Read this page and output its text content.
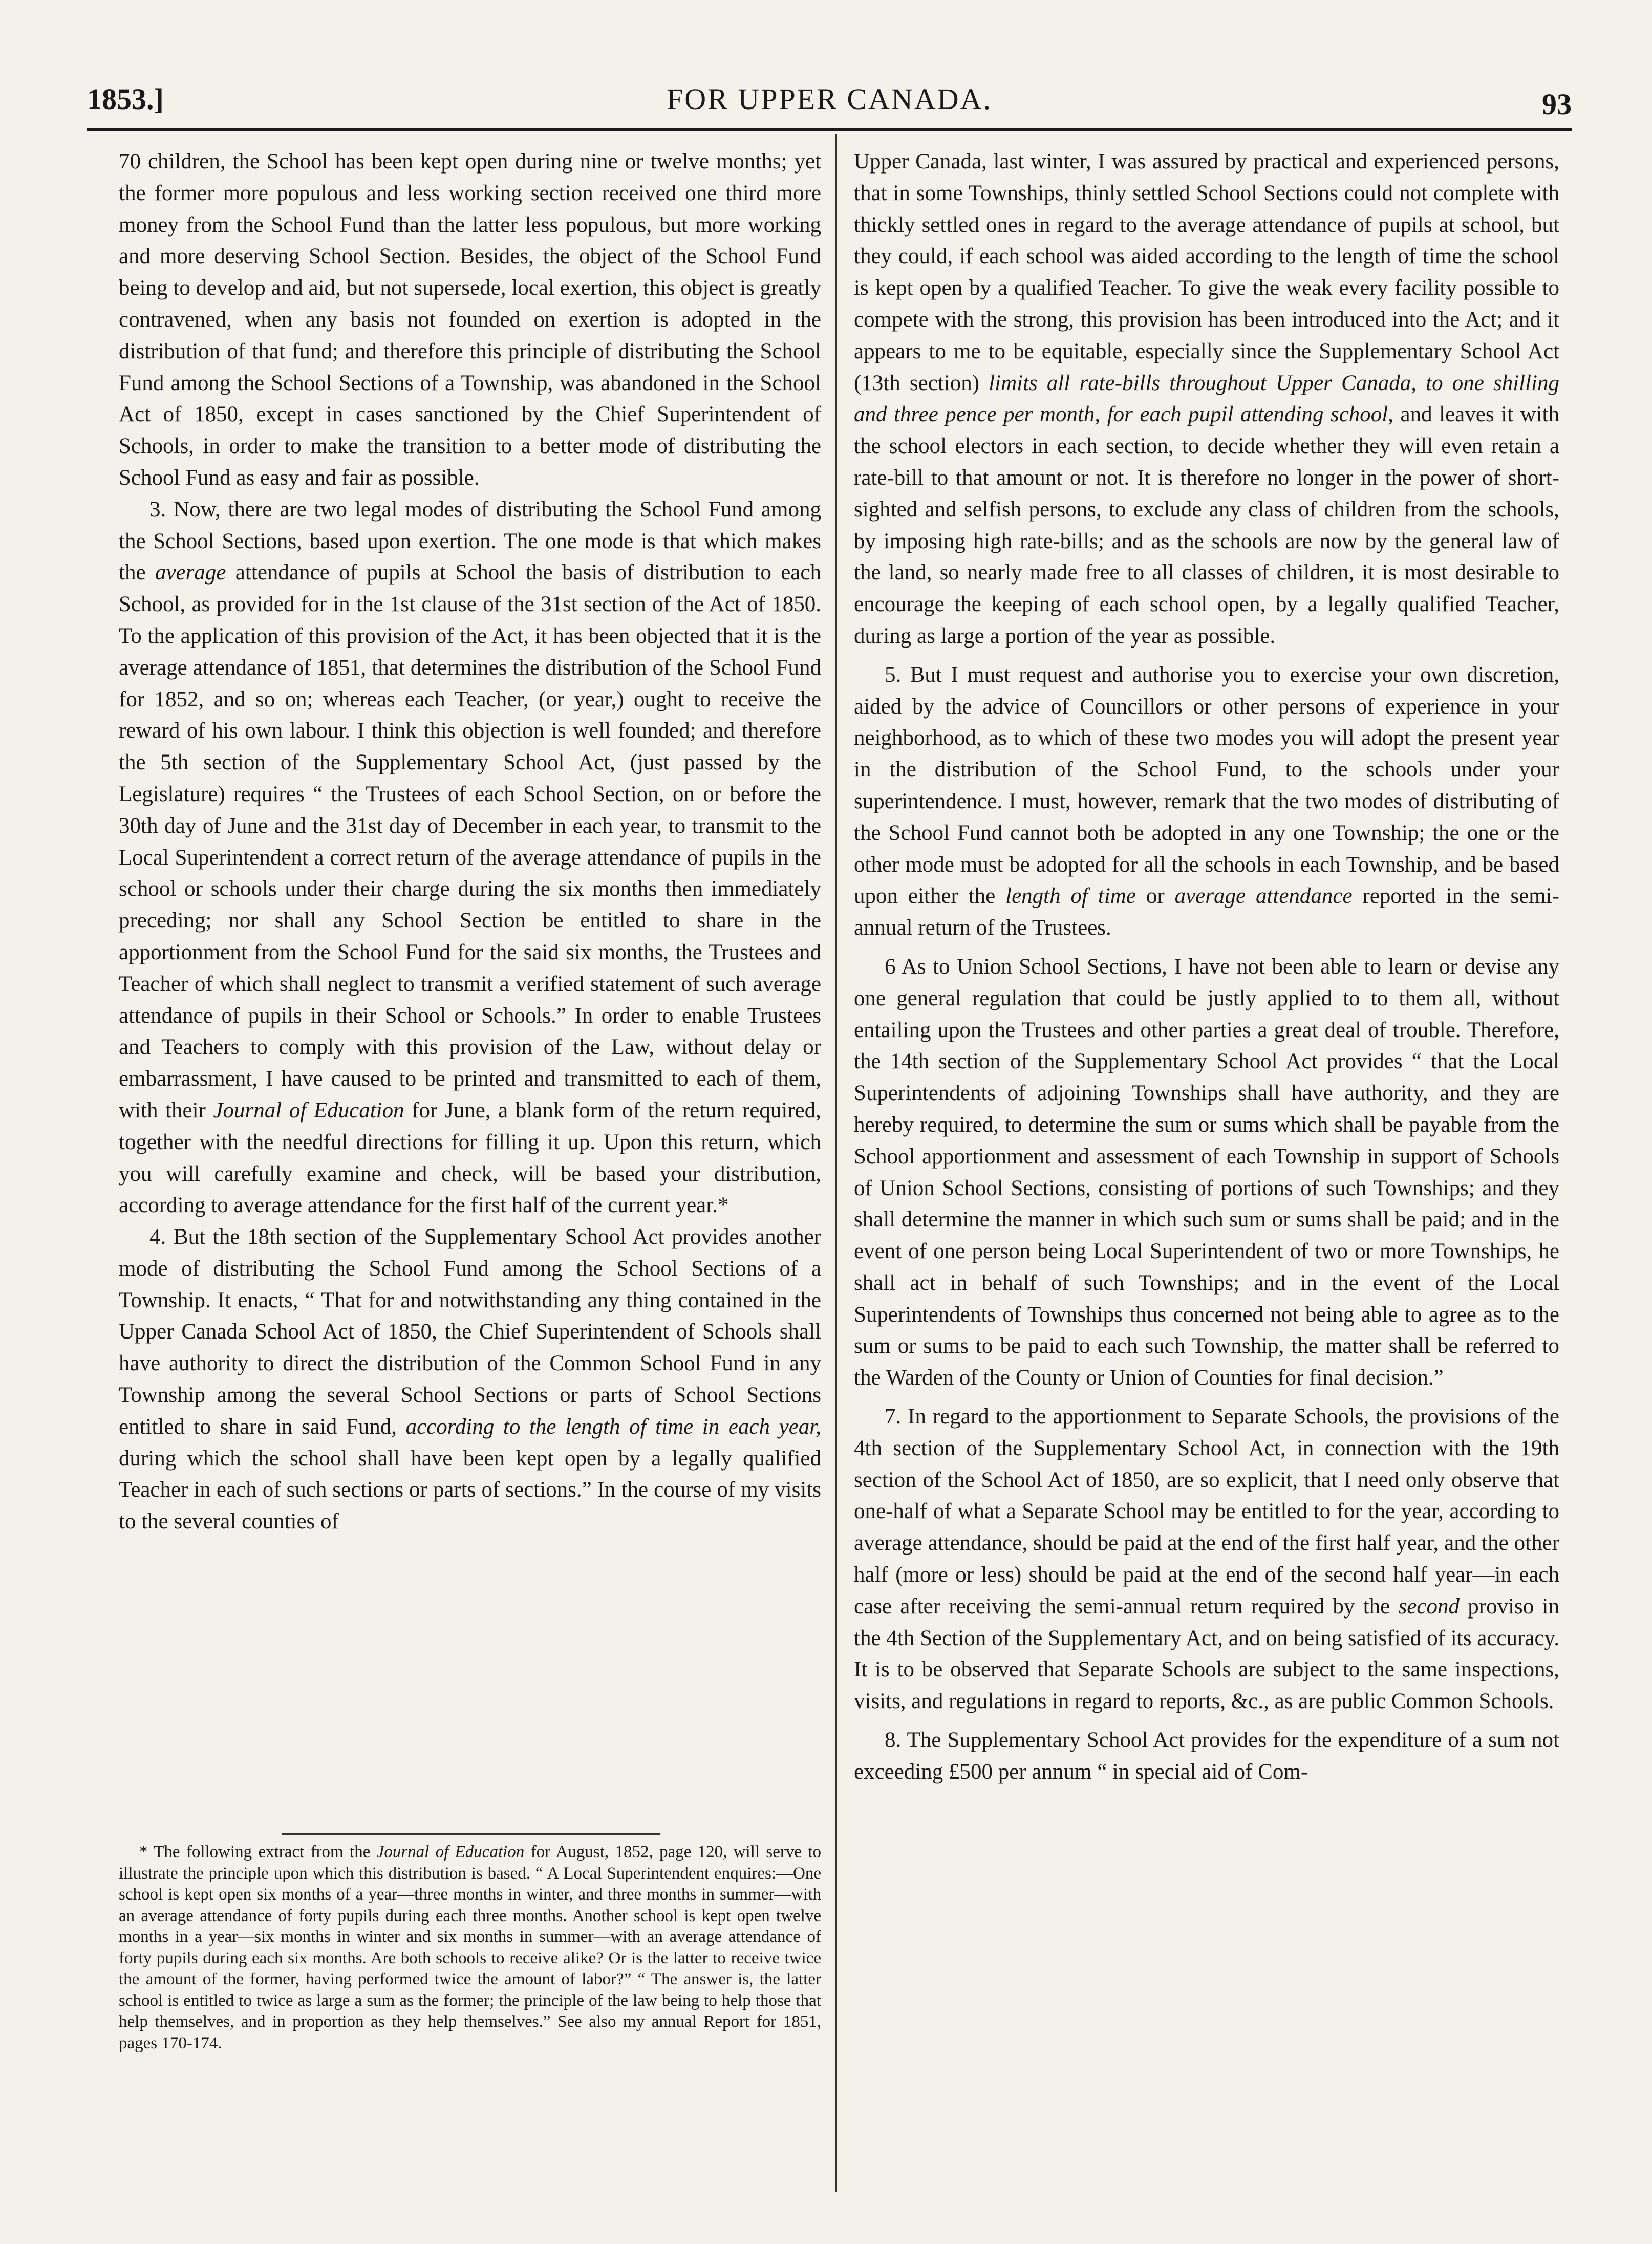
1853.]	FOR UPPER CANADA.	93

70 children, the School has been kept open during nine or twelve months; yet the former more populous and less working section received one third more money from the School Fund than the latter less populous, but more working and more deserving School Section. Besides, the object of the School Fund being to develop and aid, but not supersede, local exertion, this object is greatly contravened, when any basis not founded on exertion is adopted in the distribution of that fund; and therefore this principle of distributing the School Fund among the School Sections of a Township, was abandoned in the School Act of 1850, except in cases sanctioned by the Chief Superintendent of Schools, in order to make the transition to a better mode of distributing the School Fund as easy and fair as possible.

3. Now, there are two legal modes of distributing the School Fund among the School Sections, based upon exertion. The one mode is that which makes the average attendance of pupils at School the basis of distribution to each School, as provided for in the 1st clause of the 31st section of the Act of 1850. To the application of this provision of the Act, it has been objected that it is the average attendance of 1851, that determines the distribution of the School Fund for 1852, and so on; whereas each Teacher, (or year,) ought to receive the reward of his own labour. I think this objection is well founded; and therefore the 5th section of the Supplementary School Act, (just passed by the Legislature) requires “ the Trustees of each School Section, on or before the 30th day of June and the 31st day of December in each year, to transmit to the Local Superintendent a correct return of the average attendance of pupils in the school or schools under their charge during the six months then immediately preceding; nor shall any School Section be entitled to share in the apportionment from the School Fund for the said six months, the Trustees and Teacher of which shall neglect to transmit a verified statement of such average attendance of pupils in their School or Schools.” In order to enable Trustees and Teachers to comply with this provision of the Law, without delay or embarrassment, I have caused to be printed and transmitted to each of them, with their Journal of Education for June, a blank form of the return required, together with the needful directions for filling it up. Upon this return, which you will carefully examine and check, will be based your distribution, according to average attendance for the first half of the current year.*

4. But the 18th section of the Supplementary School Act provides another mode of distributing the School Fund among the School Sections of a Township. It enacts, “ That for and notwithstanding any thing contained in the Upper Canada School Act of 1850, the Chief Superintendent of Schools shall have authority to direct the distribution of the Common School Fund in any Township among the several School Sections or parts of School Sections entitled to share in said Fund, according to the length of time in each year, during which the school shall have been kept open by a legally qualified Teacher in each of such sections or parts of sections.” In the course of my visits to the several counties of

* The following extract from the Journal of Education for August, 1852, page 120, will serve to illustrate the principle upon which this distribution is based. “ A Local Superintendent enquires:—One school is kept open six months of a year—three months in winter, and three months in summer—with an average attendance of forty pupils during each three months. Another school is kept open twelve months in a year—six months in winter and six months in summer—with an average attendance of forty pupils during each six months. Are both schools to receive alike? Or is the latter to receive twice the amount of the former, having performed twice the amount of labor?” “ The answer is, the latter school is entitled to twice as large a sum as the former; the principle of the law being to help those that help themselves, and in proportion as they help themselves.” See also my annual Report for 1851, pages 170-174.

Upper Canada, last winter, I was assured by practical and experienced persons, that in some Townships, thinly settled School Sections could not complete with thickly settled ones in regard to the average attendance of pupils at school, but they could, if each school was aided according to the length of time the school is kept open by a qualified Teacher. To give the weak every facility possible to compete with the strong, this provision has been introduced into the Act; and it appears to me to be equitable, especially since the Supplementary School Act (13th section) limits all rate-bills throughout Upper Canada, to one shilling and three pence per month, for each pupil attending school, and leaves it with the school electors in each section, to decide whether they will even retain a rate-bill to that amount or not. It is therefore no longer in the power of short-sighted and selfish persons, to exclude any class of children from the schools, by imposing high rate-bills; and as the schools are now by the general law of the land, so nearly made free to all classes of children, it is most desirable to encourage the keeping of each school open, by a legally qualified Teacher, during as large a portion of the year as possible.

5. But I must request and authorise you to exercise your own discretion, aided by the advice of Councillors or other persons of experience in your neighborhood, as to which of these two modes you will adopt the present year in the distribution of the School Fund, to the schools under your superintendence. I must, however, remark that the two modes of distributing of the School Fund cannot both be adopted in any one Township; the one or the other mode must be adopted for all the schools in each Township, and be based upon either the length of time or average attendance reported in the semi-annual return of the Trustees.

6 As to Union School Sections, I have not been able to learn or devise any one general regulation that could be justly applied to to them all, without entailing upon the Trustees and other parties a great deal of trouble. Therefore, the 14th section of the Supplementary School Act provides “ that the Local Superintendents of adjoining Townships shall have authority, and they are hereby required, to determine the sum or sums which shall be payable from the School apportionment and assessment of each Township in support of Schools of Union School Sections, consisting of portions of such Townships; and they shall determine the manner in which such sum or sums shall be paid; and in the event of one person being Local Superintendent of two or more Townships, he shall act in behalf of such Townships; and in the event of the Local Superintendents of Townships thus concerned not being able to agree as to the sum or sums to be paid to each such Township, the matter shall be referred to the Warden of the County or Union of Counties for final decision.”

7. In regard to the apportionment to Separate Schools, the provisions of the 4th section of the Supplementary School Act, in connection with the 19th section of the School Act of 1850, are so explicit, that I need only observe that one-half of what a Separate School may be entitled to for the year, according to average attendance, should be paid at the end of the first half year, and the other half (more or less) should be paid at the end of the second half year—in each case after receiving the semi-annual return required by the second proviso in the 4th Section of the Supplementary Act, and on being satisfied of its accuracy. It is to be observed that Separate Schools are subject to the same inspections, visits, and regulations in regard to reports, &c., as are public Common Schools.

8. The Supplementary School Act provides for the expenditure of a sum not exceeding £500 per annum “ in special aid of Com-
